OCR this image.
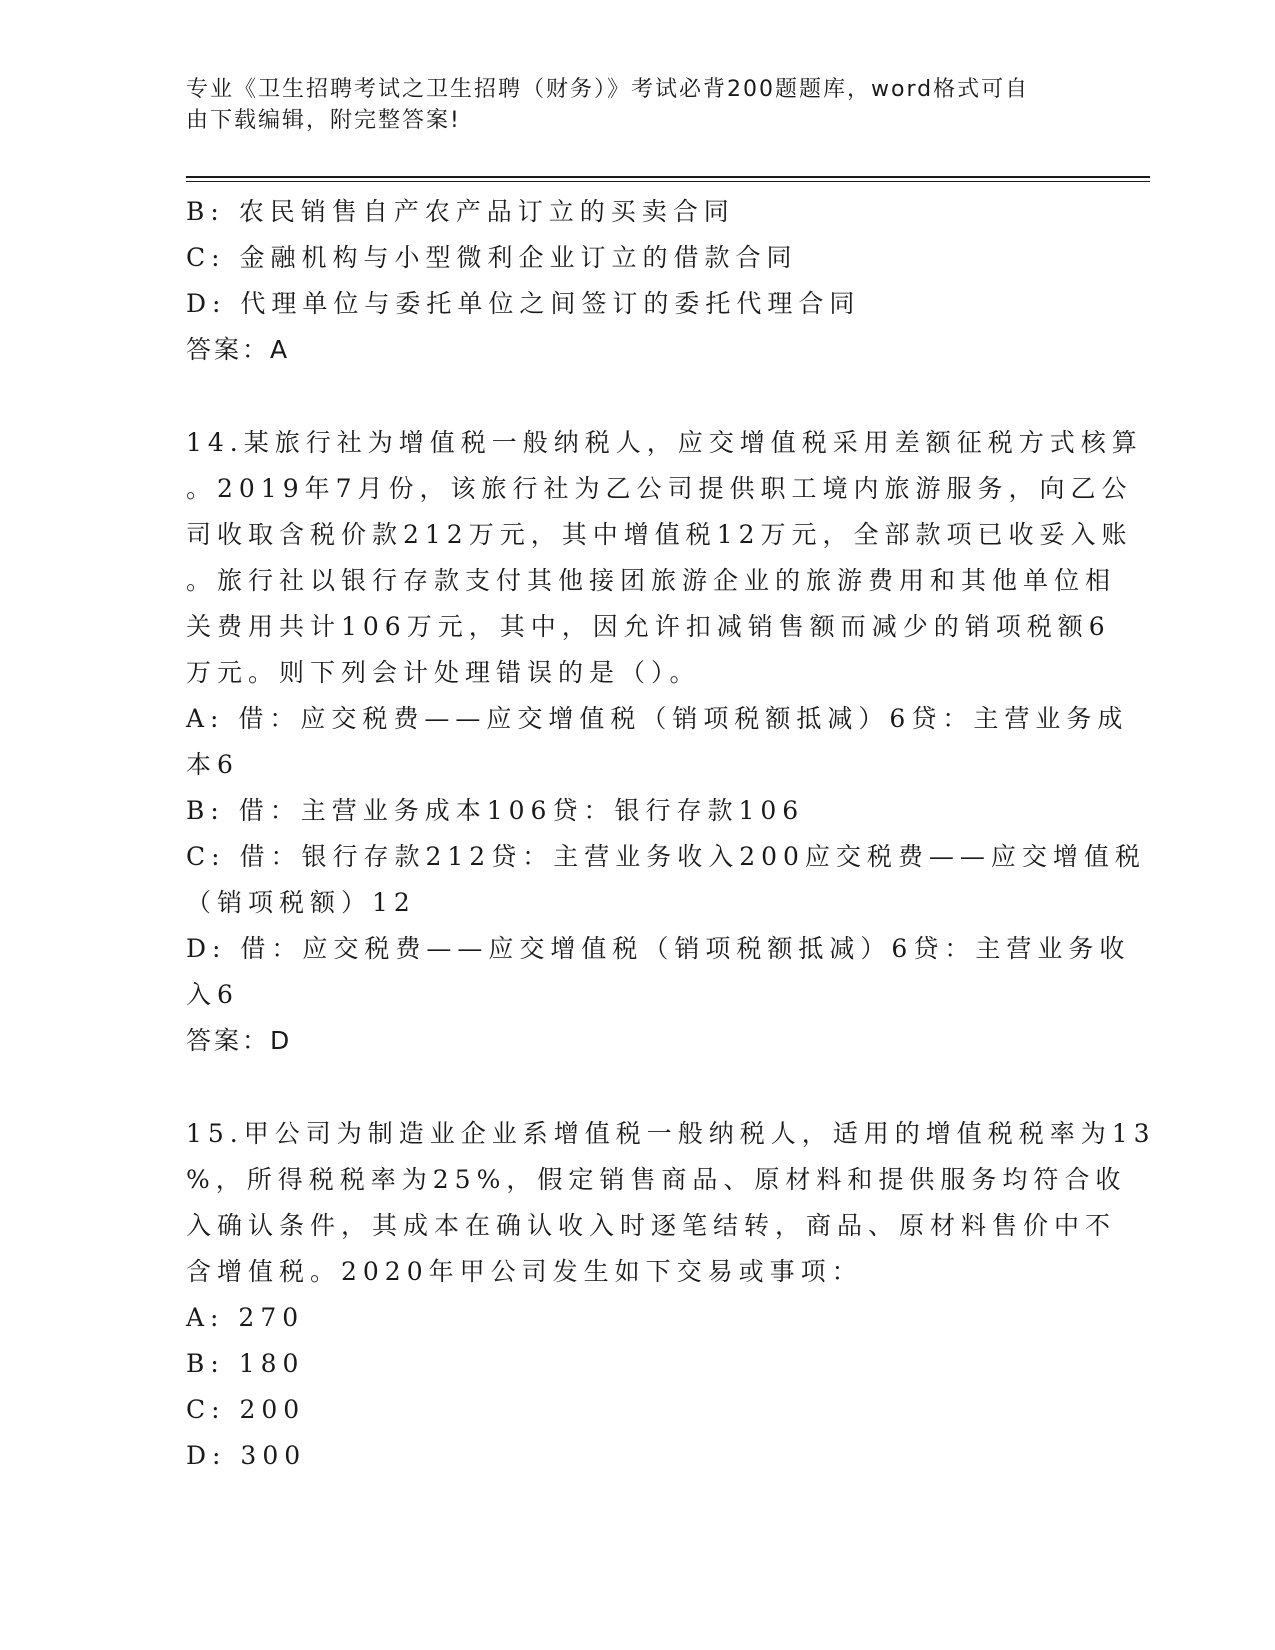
专业《卫生招聘考试之卫生招聘（财务）》考试必背200题题库，word格式可自
由下载编辑，附完整答案!
B: 农民销售自产农产品订立的买卖合同
C: 金融机构与小型微利企业订立的借款合同
D: 代理单位与委托单位之间签订的委托代理合同
答案：A
14.某旅行社为增值税一般纳税人，应交增值税采用差额征税方式核算
。2019年7月份，该旅行社为乙公司提供职工境内旅游服务，向乙公
司收取含税价款212万元，其中增值税12万元，全部款项已收妥入账
。旅行社以银行存款支付其他接团旅游企业的旅游费用和其他单位相
关费用共计106万元，其中，因允许扣减销售额而减少的销项税额6
万元。则下列会计处理错误的是（）。
A: 借：应交税费——应交增值税（销项税额抵减）6贷：主营业务成
本6
B: 借：主营业务成本106贷：银行存款106
C: 借：银行存款212贷：主营业务收入200应交税费——应交增值税
（销项税额）12
D: 借：应交税费——应交增值税（销项税额抵减）6贷：主营业务收
入6
答案：D
15.甲公司为制造业企业系增值税一般纳税人，适用的增值税税率为13
%，所得税税率为25%，假定销售商品、原材料和提供服务均符合收
入确认条件，其成本在确认收入时逐笔结转，商品、原材料售价中不
含增值税。2020年甲公司发生如下交易或事项：
A: 270
B: 180
C: 200
D: 300
